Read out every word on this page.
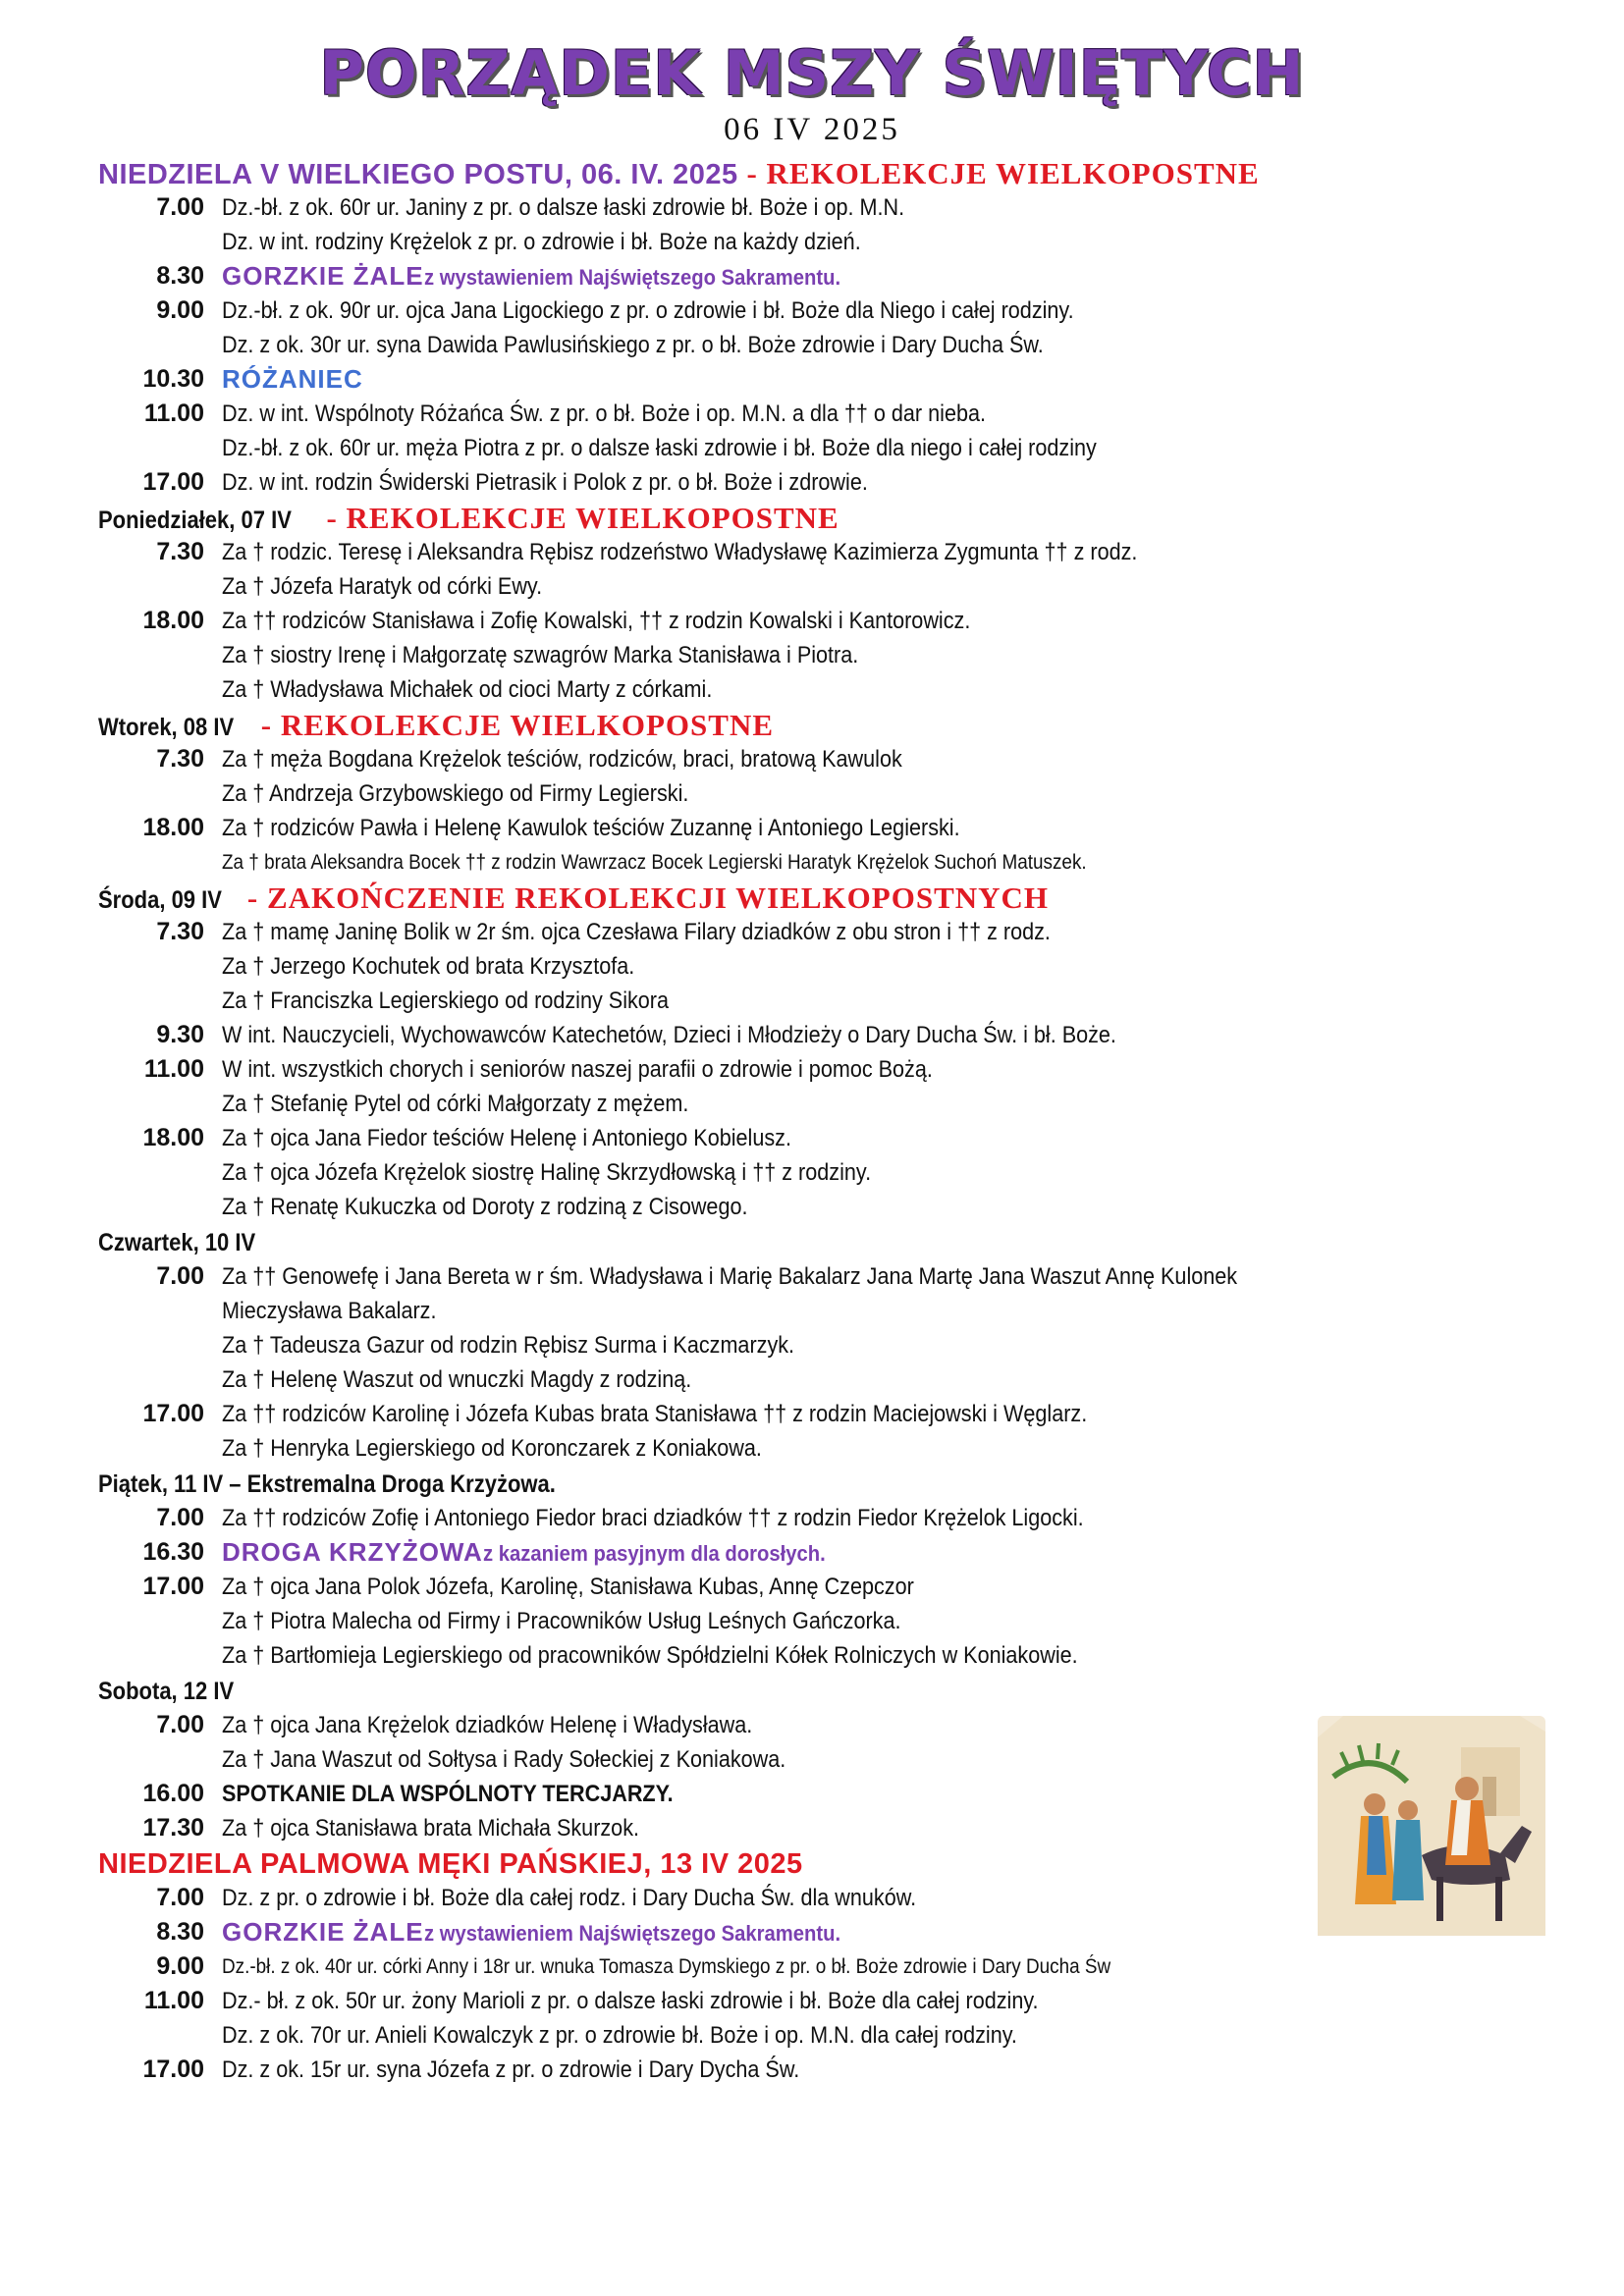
PORZĄDEK MSZY ŚWIĘTYCH
06 IV 2025
NIEDZIELA V WIELKIEGO POSTU, 06. IV. 2025 - REKOLEKCJE WIELKOPOSTNE
7.00 Dz.-bł. z ok. 60r ur. Janiny z pr. o dalsze łaski zdrowie bł. Boże i op. M.N.
Dz. w int. rodziny Krężelok z pr. o zdrowie i bł. Boże na każdy dzień.
8.30 GORZKIE ŻALEz wystawieniem Najświętszego Sakramentu.
9.00 Dz.-bł. z ok. 90r ur. ojca Jana Ligockiego z pr. o zdrowie i bł. Boże dla Niego i całej rodziny.
Dz. z ok. 30r ur. syna Dawida Pawlusińskiego z pr. o bł. Boże zdrowie i Dary Ducha Św.
10.30 RÓŻANIEC
11.00 Dz. w int. Wspólnoty Różańca Św. z pr. o bł. Boże i op. M.N. a dla †† o dar nieba.
Dz.-bł. z ok. 60r ur. męża Piotra z pr. o dalsze łaski zdrowie i bł. Boże dla niego i całej rodziny
17.00 Dz. w int. rodzin Świderski Pietrasik i Polok z pr. o bł. Boże i zdrowie.
Poniedziałek, 07 IV - REKOLEKCJE WIELKOPOSTNE
7.30 Za † rodzic. Teresę i Aleksandra Rębisz rodzeństwo Władysławę Kazimierza Zygmunta †† z rodz.
Za † Józefa Haratyk od córki Ewy.
18.00 Za †† rodziców Stanisława i Zofię Kowalski, †† z rodzin Kowalski i Kantorowicz.
Za † siostry Irenę i Małgorzatę szwagrów Marka Stanisława i Piotra.
Za † Władysława Michałek od cioci Marty z córkami.
Wtorek, 08 IV - REKOLEKCJE WIELKOPOSTNE
7.30 Za † męża Bogdana Krężelok teściów, rodziców, braci, bratową Kawulok
Za † Andrzeja Grzybowskiego od Firmy Legierski.
18.00 Za † rodziców Pawła i Helenę Kawulok teściów Zuzannę i Antoniego Legierski.
Za † brata Aleksandra Bocek †† z rodzin Wawrzacz Bocek Legierski Haratyk Krężelok Suchoń Matuszek.
Środa, 09 IV - ZAKOŃCZENIE REKOLEKCJI WIELKOPOSTNYCH
7.30 Za † mamę Janinę Bolik w 2r śm. ojca Czesława Filary dziadków z obu stron i †† z rodz.
Za † Jerzego Kochutek od brata Krzysztofa.
Za † Franciszka Legierskiego od rodziny Sikora
9.30 W int. Nauczycieli, Wychowawców Katechetów, Dzieci i Młodzieży o Dary Ducha Św. i bł. Boże.
11.00 W int. wszystkich chorych i seniorów naszej parafii o zdrowie i pomoc Bożą.
Za † Stefanię Pytel od córki Małgorzaty z mężem.
18.00 Za † ojca Jana Fiedor teściów Helenę i Antoniego Kobielusz.
Za † ojca Józefa Krężelok siostrę Halinę Skrzydłowską i †† z rodziny.
Za † Renatę Kukuczka od Doroty z rodziną z Cisowego.
Czwartek, 10 IV
7.00 Za †† Genowefę i Jana Bereta w r śm. Władysława i Marię Bakalarz Jana Martę Jana Waszut Annę Kulonek Mieczysława Bakalarz.
Za † Tadeusza Gazur od rodzin Rębisz Surma i Kaczmarzyk.
Za † Helenę Waszut od wnuczki Magdy z rodziną.
17.00 Za †† rodziców Karolinę i Józefa Kubas brata Stanisława †† z rodzin Maciejowski i Węglarz.
Za † Henryka Legierskiego od Koronczarek z Koniakowa.
Piątek, 11 IV – Ekstremalna Droga Krzyżowa.
7.00 Za †† rodziców Zofię i Antoniego Fiedor braci dziadków †† z rodzin Fiedor Krężelok Ligocki.
16.30 DROGA KRZYŻOWAz kazaniem pasyjnym dla dorosłych.
17.00 Za † ojca Jana Polok Józefa, Karolinę, Stanisława Kubas, Annę Czepczor
Za † Piotra Malecha od Firmy i Pracowników Usług Leśnych Gańczorka.
Za † Bartłomieja Legierskiego od pracowników Spółdzielni Kółek Rolniczych w Koniakowie.
Sobota, 12 IV
7.00 Za † ojca Jana Krężelok dziadków Helenę i Władysława.
Za † Jana Waszut od Sołtysa i Rady Sołeckiej z Koniakowa.
16.00 SPOTKANIE DLA WSPÓLNOTY TERCJARZY.
17.30 Za † ojca Stanisława brata Michała Skurzok.
NIEDZIELA PALMOWA MĘKI PAŃSKIEJ, 13 IV 2025
7.00 Dz. z pr. o zdrowie i bł. Boże dla całej rodz. i Dary Ducha Św. dla wnuków.
8.30 GORZKIE ŻALEz wystawieniem Najświętszego Sakramentu.
9.00 Dz.-bł. z ok. 40r ur. córki Anny i 18r ur. wnuka Tomasza Dymskiego z pr. o bł. Boże zdrowie i Dary Ducha Św
11.00 Dz.- bł. z ok. 50r ur. żony Marioli z pr. o dalsze łaski zdrowie i bł. Boże dla całej rodziny.
Dz. z ok. 70r ur. Anieli Kowalczyk z pr. o zdrowie bł. Boże i op. M.N. dla całej rodziny.
17.00 Dz. z ok. 15r ur. syna Józefa z pr. o zdrowie i Dary Dycha Św.
